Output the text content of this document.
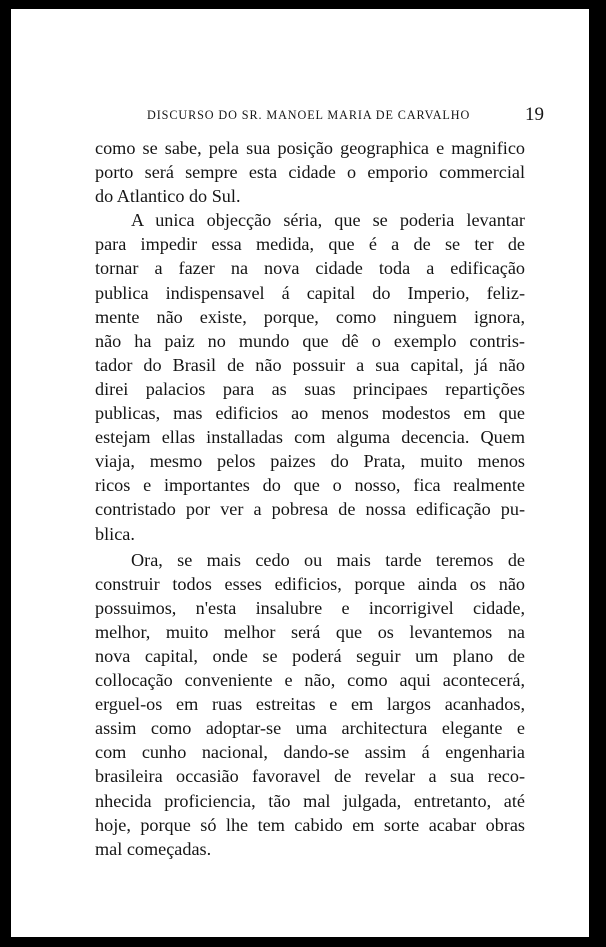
DISCURSO DO SR. MANOEL MARIA DE CARVALHO	19
como se sabe, pela sua posição geographica e magnifico
porto será sempre esta cidade o emporio commercial
do Atlantico do Sul.
A unica objecção séria, que se poderia levantar
para impedir essa medida, que é a de se ter de
tornar a fazer na nova cidade toda a edificação
publica indispensavel á capital do Imperio, feliz-
mente não existe, porque, como ninguem ignora,
não ha paiz no mundo que dê o exemplo contris-
tador do Brasil de não possuir a sua capital, já não
direi palacios para as suas principaes repartições
publicas, mas edificios ao menos modestos em que
estejam ellas installadas com alguma decencia. Quem
viaja, mesmo pelos paizes do Prata, muito menos
ricos e importantes do que o nosso, fica realmente
contristado por ver a pobresa de nossa edificação pu-
blica.
Ora, se mais cedo ou mais tarde teremos de
construir todos esses edificios, porque ainda os não
possuimos, n'esta insalubre e incorrigivel cidade,
melhor, muito melhor será que os levantemos na
nova capital, onde se poderá seguir um plano de
collocação conveniente e não, como aqui acontecerá,
erguel-os em ruas estreitas e em largos acanhados,
assim como adoptar-se uma architectura elegante e
com cunho nacional, dando-se assim á engenharia
brasileira occasião favoravel de revelar a sua reco-
nhecida proficiencia, tão mal julgada, entretanto, até
hoje, porque só lhe tem cabido em sorte acabar obras
mal começadas.
